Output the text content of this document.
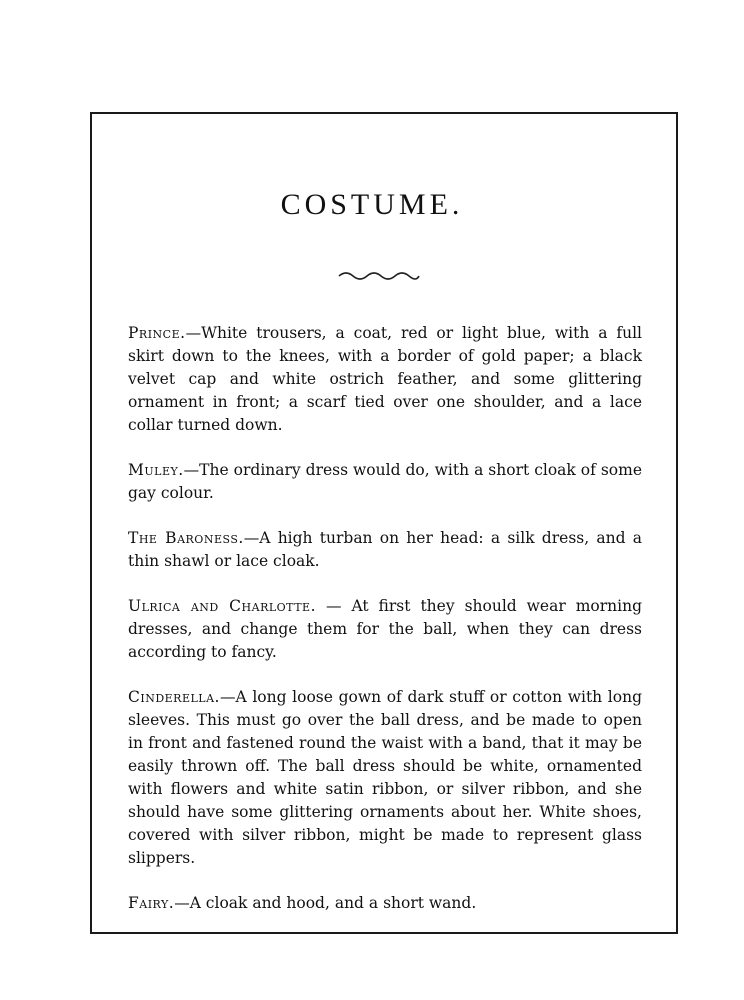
COSTUME.

Prince.—White trousers, a coat, red or light blue, with a full skirt down to the knees, with a border of gold paper; a black velvet cap and white ostrich feather, and some glittering ornament in front; a scarf tied over one shoulder, and a lace collar turned down.

Muley.—The ordinary dress would do, with a short cloak of some gay colour.

The Baroness.—A high turban on her head: a silk dress, and a thin shawl or lace cloak.

Ulrica and Charlotte. — At first they should wear morning dresses, and change them for the ball, when they can dress according to fancy.

Cinderella.—A long loose gown of dark stuff or cotton with long sleeves. This must go over the ball dress, and be made to open in front and fastened round the waist with a band, that it may be easily thrown off. The ball dress should be white, ornamented with flowers and white satin ribbon, or silver ribbon, and she should have some glittering ornaments about her. White shoes, covered with silver ribbon, might be made to represent glass slippers.

Fairy.—A cloak and hood, and a short wand.
